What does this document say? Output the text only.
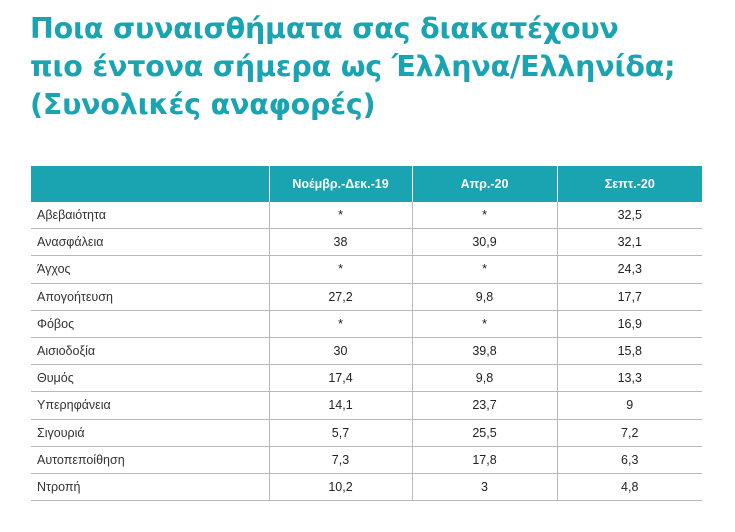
Ποια συναισθήματα σας διακατέχουν
πιο έντονα σήμερα ως Έλληνα/Ελληνίδα;
(Συνολικές αναφορές)
	Νοέμβρ.-Δεκ.-19	Απρ.-20	Σεπτ.-20
Αβεβαιότητα	*	*	32,5
Ανασφάλεια	38	30,9	32,1
Άγχος	*	*	24,3
Απογοήτευση	27,2	9,8	17,7
Φόβος	*	*	16,9
Αισιοδοξία	30	39,8	15,8
Θυμός	17,4	9,8	13,3
Υπερηφάνεια	14,1	23,7	9
Σιγουριά	5,7	25,5	7,2
Αυτοπεποίθηση	7,3	17,8	6,3
Ντροπή	10,2	3	4,8
